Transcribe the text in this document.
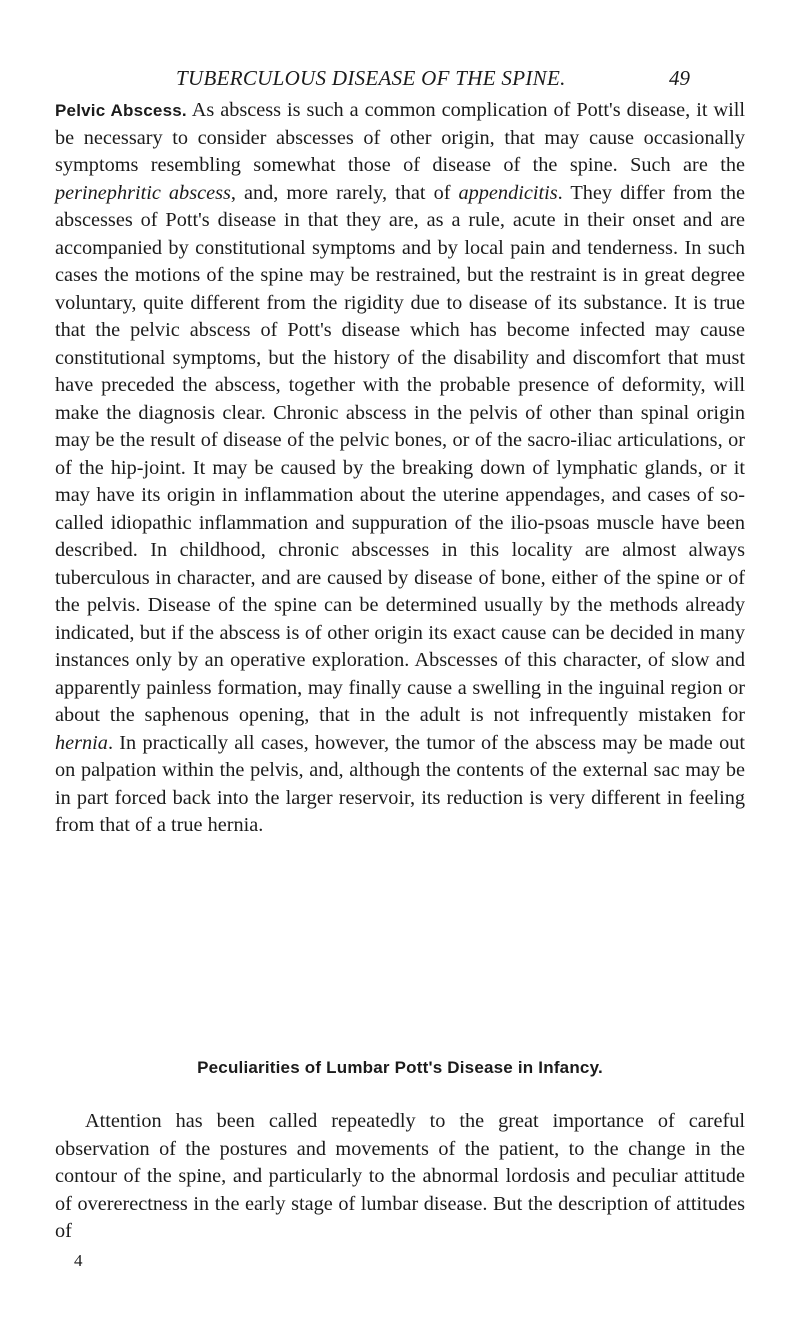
TUBERCULOUS DISEASE OF THE SPINE.	49

Pelvic Abscess. As abscess is such a common complication of Pott's disease, it will be necessary to consider abscesses of other origin, that may cause occasionally symptoms resembling somewhat those of disease of the spine. Such are the perinephritic abscess, and, more rarely, that of appendicitis. They differ from the abscesses of Pott's disease in that they are, as a rule, acute in their onset and are accompanied by constitutional symptoms and by local pain and tenderness. In such cases the motions of the spine may be restrained, but the restraint is in great degree voluntary, quite different from the rigidity due to disease of its substance. It is true that the pelvic abscess of Pott's disease which has become infected may cause constitutional symptoms, but the history of the disability and discomfort that must have preceded the abscess, together with the probable presence of deformity, will make the diagnosis clear. Chronic abscess in the pelvis of other than spinal origin may be the result of disease of the pelvic bones, or of the sacro-iliac articulations, or of the hip-joint. It may be caused by the breaking down of lymphatic glands, or it may have its origin in inflammation about the uterine appendages, and cases of so-called idiopathic inflammation and suppuration of the ilio-psoas muscle have been described. In childhood, chronic abscesses in this locality are almost always tuberculous in character, and are caused by disease of bone, either of the spine or of the pelvis. Disease of the spine can be determined usually by the methods already indicated, but if the abscess is of other origin its exact cause can be decided in many instances only by an operative exploration. Abscesses of this character, of slow and apparently painless formation, may finally cause a swelling in the inguinal region or about the saphenous opening, that in the adult is not infrequently mistaken for hernia. In practically all cases, however, the tumor of the abscess may be made out on palpation within the pelvis, and, although the contents of the external sac may be in part forced back into the larger reservoir, its reduction is very different in feeling from that of a true hernia.

Peculiarities of Lumbar Pott's Disease in Infancy.

Attention has been called repeatedly to the great importance of careful observation of the postures and movements of the patient, to the change in the contour of the spine, and particularly to the abnormal lordosis and peculiar attitude of overerectness in the early stage of lumbar disease. But the description of attitudes of

4
